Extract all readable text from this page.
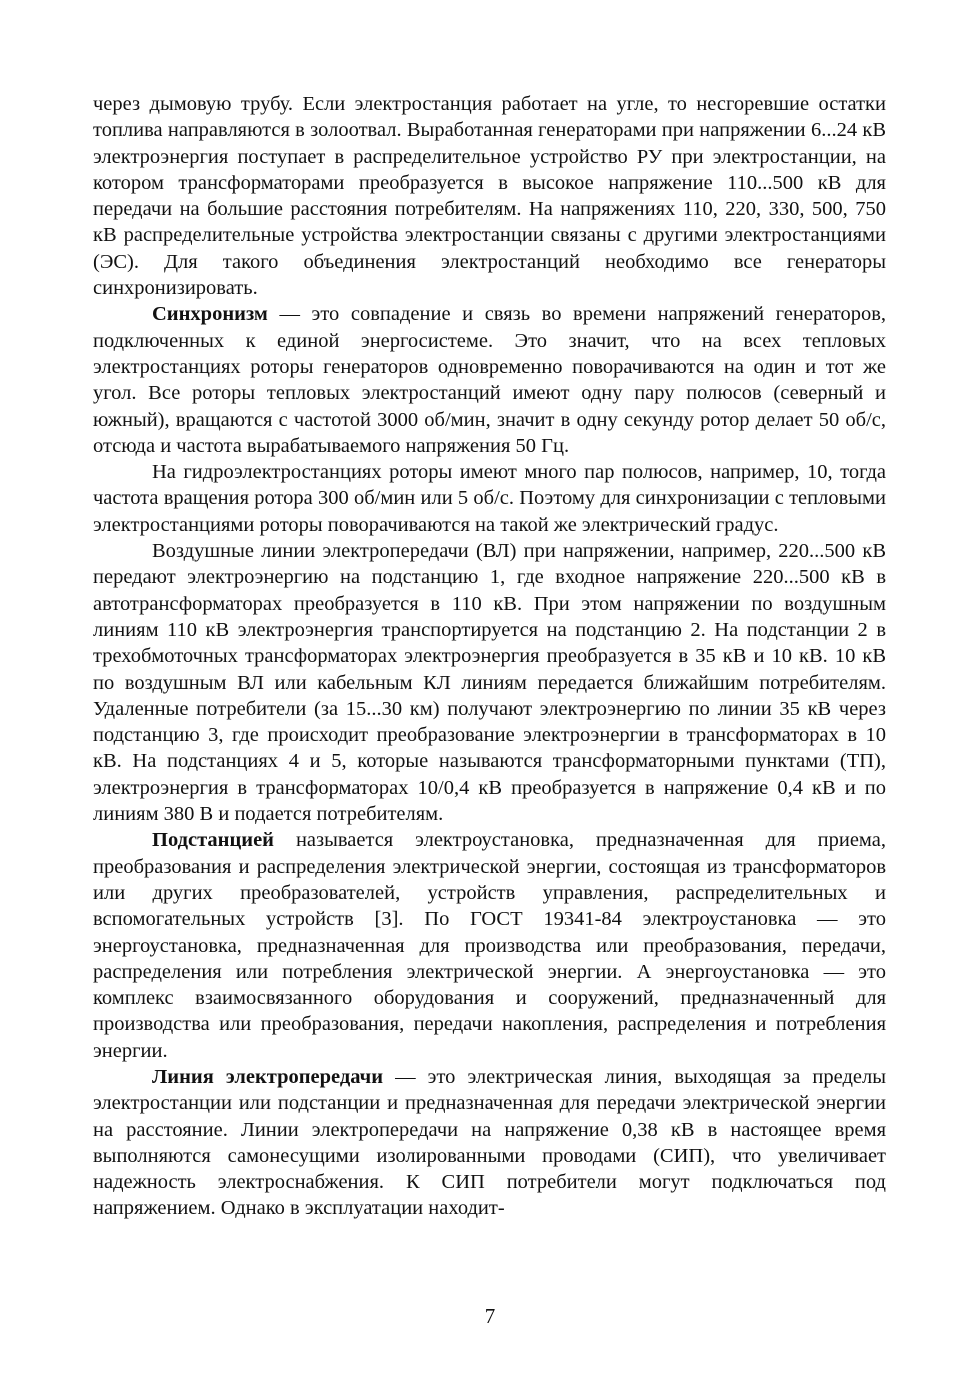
через дымовую трубу. Если электростанция работает на угле, то несгоревшие остатки топлива направляются в золоотвал. Выработанная генераторами при напряжении 6...24 кВ электроэнергия поступает в распределительное устройство РУ при электростанции, на котором трансформаторами преобразуется в высокое напряжение 110...500 кВ для передачи на большие расстояния потребителям. На напряжениях 110, 220, 330, 500, 750 кВ распределительные устройства электростанции связаны с другими электростанциями (ЭС). Для такого объединения электростанций необходимо все генераторы синхронизировать.

Синхронизм — это совпадение и связь во времени напряжений генераторов, подключенных к единой энергосистеме. Это значит, что на всех тепловых электростанциях роторы генераторов одновременно поворачиваются на один и тот же угол. Все роторы тепловых электростанций имеют одну пару полюсов (северный и южный), вращаются с частотой 3000 об/мин, значит в одну секунду ротор делает 50 об/с, отсюда и частота вырабатываемого напряжения 50 Гц.

На гидроэлектростанциях роторы имеют много пар полюсов, например, 10, тогда частота вращения ротора 300 об/мин или 5 об/с. Поэтому для синхронизации с тепловыми электростанциями роторы поворачиваются на такой же электрический градус.

Воздушные линии электропередачи (ВЛ) при напряжении, например, 220...500 кВ передают электроэнергию на подстанцию 1, где входное напряжение 220...500 кВ в автотрансформаторах преобразуется в 110 кВ. При этом напряжении по воздушным линиям 110 кВ электроэнергия транспортируется на подстанцию 2. На подстанции 2 в трехобмоточных трансформаторах электроэнергия преобразуется в 35 кВ и 10 кВ. 10 кВ по воздушным ВЛ или кабельным КЛ линиям передается ближайшим потребителям. Удаленные потребители (за 15...30 км) получают электроэнергию по линии 35 кВ через подстанцию 3, где происходит преобразование электроэнергии в трансформаторах в 10 кВ. На подстанциях 4 и 5, которые называются трансформаторными пунктами (ТП), электроэнергия в трансформаторах 10/0,4 кВ преобразуется в напряжение 0,4 кВ и по линиям 380 В и подается потребителям.

Подстанцией называется электроустановка, предназначенная для приема, преобразования и распределения электрической энергии, состоящая из трансформаторов или других преобразователей, устройств управления, распределительных и вспомогательных устройств [3]. По ГОСТ 19341-84 электроустановка — это энергоустановка, предназначенная для производства или преобразования, передачи, распределения или потребления электрической энергии. А энергоустановка — это комплекс взаимосвязанного оборудования и сооружений, предназначенный для производства или преобразования, передачи накопления, распределения и потребления энергии.

Линия электропередачи — это электрическая линия, выходящая за пределы электростанции или подстанции и предназначенная для передачи электрической энергии на расстояние. Линии электропередачи на напряжение 0,38 кВ в настоящее время выполняются самонесущими изолированными проводами (СИП), что увеличивает надежность электроснабжения. К СИП потребители могут подключаться под напряжением. Однако в эксплуатации находит-

7
